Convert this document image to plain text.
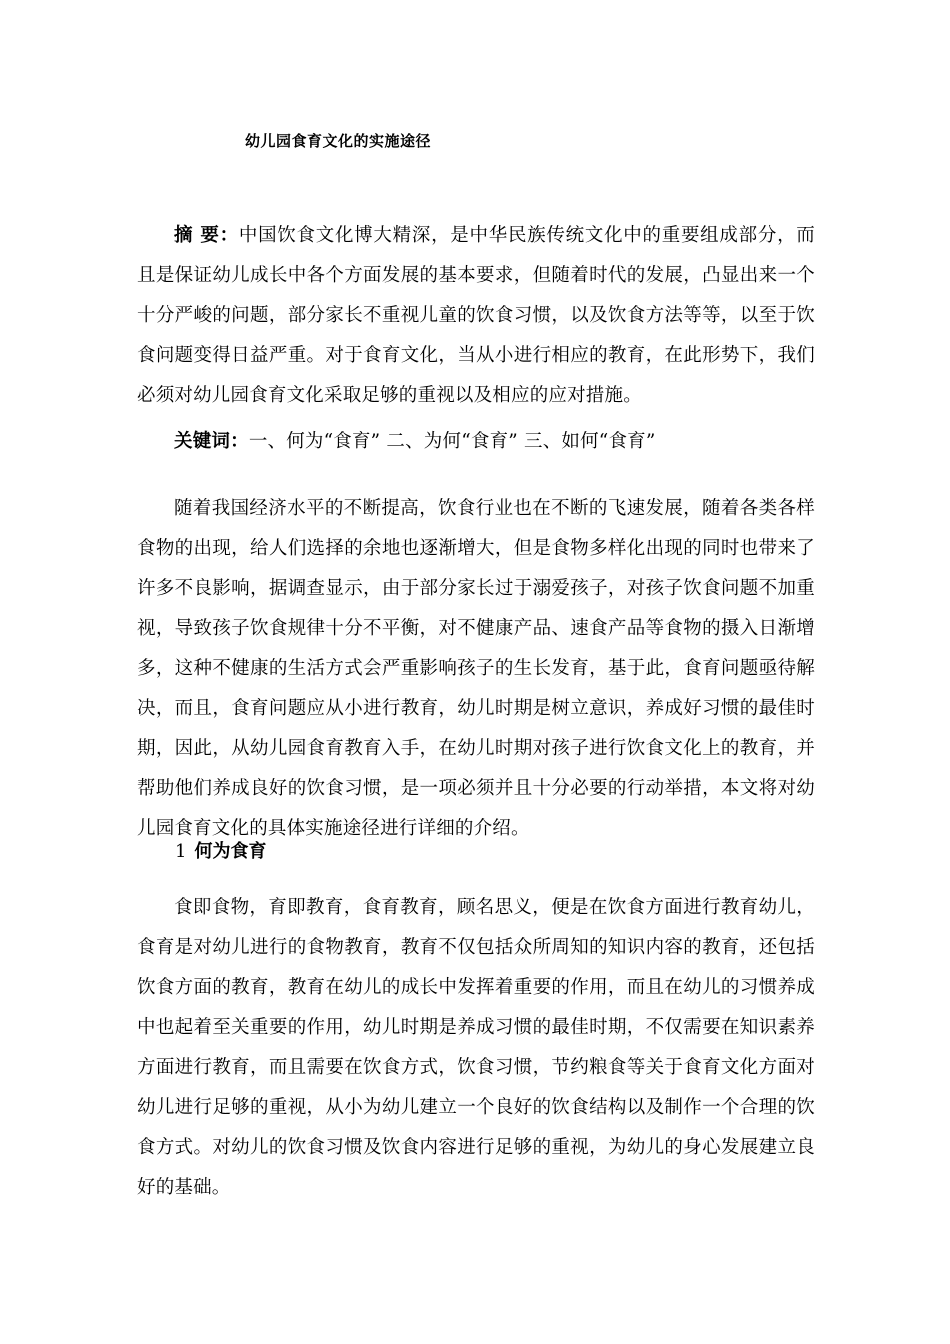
幼儿园食育文化的实施途径

摘 要：中国饮食文化博大精深，是中华民族传统文化中的重要组成部分，而且是保证幼儿成长中各个方面发展的基本要求，但随着时代的发展，凸显出来一个十分严峻的问题，部分家长不重视儿童的饮食习惯，以及饮食方法等等，以至于饮食问题变得日益严重。对于食育文化，当从小进行相应的教育，在此形势下，我们必须对幼儿园食育文化采取足够的重视以及相应的应对措施。

关键词：一、何为“食育” 二、为何“食育” 三、如何“食育”

随着我国经济水平的不断提高，饮食行业也在不断的飞速发展，随着各类各样食物的出现，给人们选择的余地也逐渐增大，但是食物多样化出现的同时也带来了许多不良影响，据调查显示，由于部分家长过于溺爱孩子，对孩子饮食问题不加重视，导致孩子饮食规律十分不平衡，对不健康产品、速食产品等食物的摄入日渐增多，这种不健康的生活方式会严重影响孩子的生长发育，基于此，食育问题亟待解决，而且，食育问题应从小进行教育，幼儿时期是树立意识，养成好习惯的最佳时期，因此，从幼儿园食育教育入手，在幼儿时期对孩子进行饮食文化上的教育，并帮助他们养成良好的饮食习惯，是一项必须并且十分必要的行动举措，本文将对幼儿园食育文化的具体实施途径进行详细的介绍。

1 何为食育

食即食物，育即教育，食育教育，顾名思义，便是在饮食方面进行教育幼儿，食育是对幼儿进行的食物教育，教育不仅包括众所周知的知识内容的教育，还包括饮食方面的教育，教育在幼儿的成长中发挥着重要的作用，而且在幼儿的习惯养成中也起着至关重要的作用，幼儿时期是养成习惯的最佳时期，不仅需要在知识素养方面进行教育，而且需要在饮食方式，饮食习惯，节约粮食等关于食育文化方面对幼儿进行足够的重视，从小为幼儿建立一个良好的饮食结构以及制作一个合理的饮食方式。对幼儿的饮食习惯及饮食内容进行足够的重视，为幼儿的身心发展建立良好的基础。
